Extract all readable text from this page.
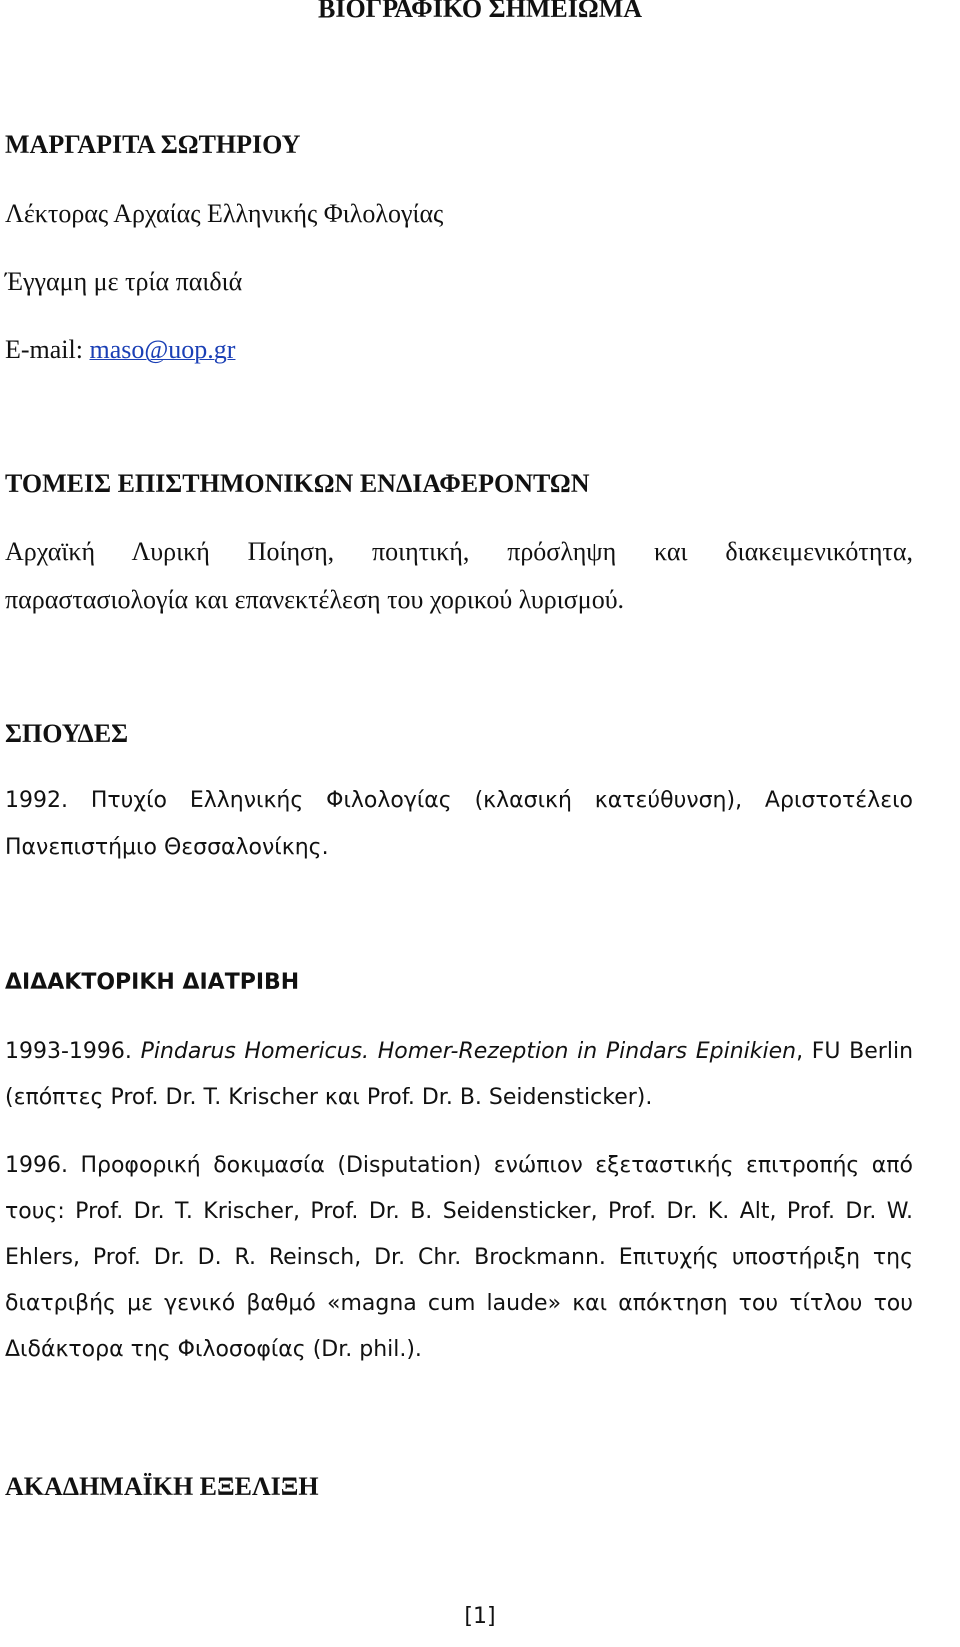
ΒΙΟΓΡΑΦΙΚΟ ΣΗΜΕΙΩΜΑ
ΜΑΡΓΑΡΙΤΑ ΣΩΤΗΡΙΟΥ
Λέκτορας Αρχαίας Ελληνικής Φιλολογίας
Έγγαμη με τρία παιδιά
E-mail: maso@uop.gr
ΤΟΜΕΙΣ ΕΠΙΣΤΗΜΟΝΙΚΩΝ ΕΝΔΙΑΦΕΡΟΝΤΩΝ
Αρχαϊκή Λυρική Ποίηση, ποιητική, πρόσληψη και διακειμενικότητα,
παραστασιολογία και επανεκτέλεση του χορικού λυρισμού.
ΣΠΟΥΔΕΣ
1992. Πτυχίο Ελληνικής Φιλολογίας (κλασική κατεύθυνση), Αριστοτέλειο
Πανεπιστήμιο Θεσσαλονίκης.
ΔΙΔΑΚΤΟΡΙΚΗ ΔΙΑΤΡΙΒΗ
1993-1996. Pindarus Homericus. Homer-Rezeption in Pindars Epinikien, FU Berlin
(επόπτες Prof. Dr. T. Krischer και Prof. Dr. B. Seidensticker).
1996. Προφορική δοκιμασία (Disputation) ενώπιον εξεταστικής επιτροπής από
τους: Prof. Dr. T. Krischer, Prof. Dr. B. Seidensticker, Prof. Dr. K. Alt, Prof. Dr. W.
Ehlers, Prof. Dr. D. R. Reinsch, Dr. Chr. Brockmann. Επιτυχής υποστήριξη της
διατριβής με γενικό βαθμό «magna cum laude» και απόκτηση του τίτλου του
Διδάκτορα της Φιλοσοφίας (Dr. phil.).
ΑΚΑΔΗΜΑΪΚΗ ΕΞΕΛΙΞΗ
[1]
